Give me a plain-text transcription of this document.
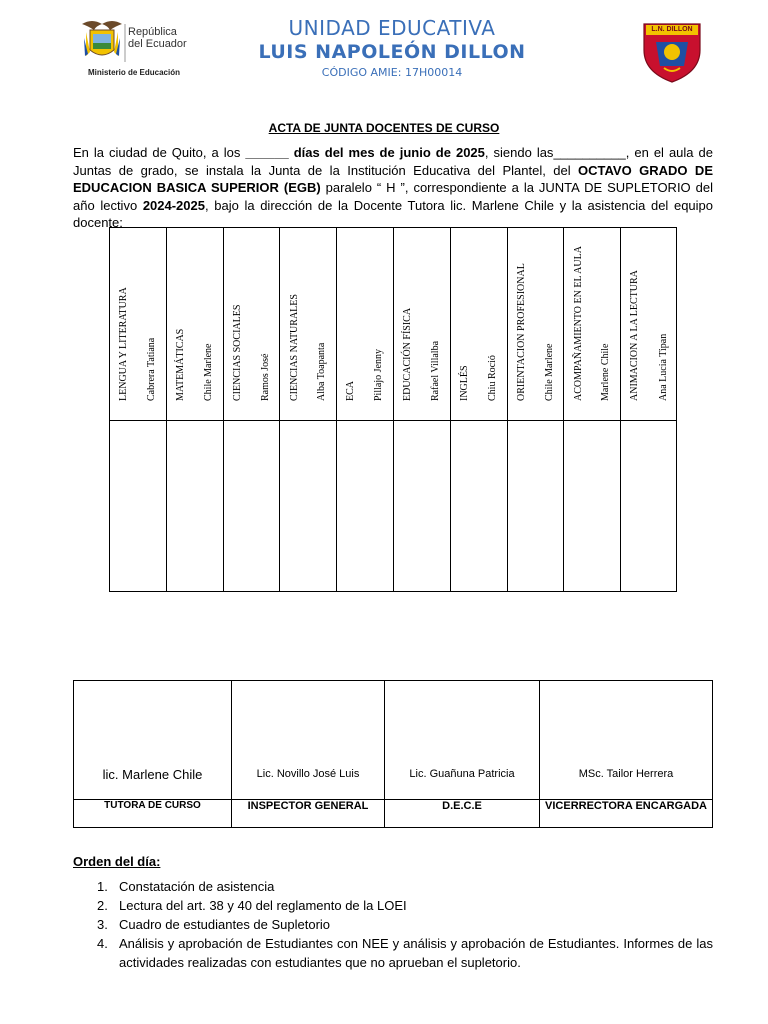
República
del Ecuador
Ministerio de Educación
UNIDAD EDUCATIVA
LUIS NAPOLEÓN DILLON
CÓDIGO AMIE: 17H00014
L.N. DILLON
ACTA DE JUNTA DOCENTES DE CURSO
En la ciudad de Quito, a los ______ días del mes de junio de 2025, siendo las__________, en el aula de Juntas de grado, se instala la Junta de la Institución Educativa del Plantel, del OCTAVO GRADO DE EDUCACION BASICA SUPERIOR (EGB) paralelo “ H ”, correspondiente a la JUNTA DE SUPLETORIO del año lectivo 2024-2025, bajo la dirección de la Docente Tutora lic. Marlene Chile y la asistencia del equipo docente:
LENGUA Y LITERATURA Cabrera Tatiana MATEMÁTICAS Chile Marlene CIENCIAS SOCIALES Ramos José CIENCIAS NATURALES Alba Toapanta ECA Pillajo Jenny EDUCACIÓN FÍSICA Rafael Villalba INGLÉS Chiu Roció ORIENTACION PROFESIONAL Chile Marlene ACOMPAÑAMIENTO EN EL AULA Marlene Chile ANIMACION A LA LECTURA Ana Lucia Tipan
lic. Marlene Chile
TUTORA DE CURSO
Lic. Novillo José Luis
INSPECTOR GENERAL
Lic. Guañuna Patricia
D.E.C.E
MSc. Tailor Herrera
VICERRECTORA ENCARGADA
Orden del día:
1. Constatación de asistencia
2. Lectura del art. 38 y 40 del reglamento de la LOEI
3. Cuadro de estudiantes de Supletorio
4. Análisis y aprobación de Estudiantes con NEE y análisis y aprobación de Estudiantes. Informes de las actividades realizadas con estudiantes que no aprueban el supletorio.
